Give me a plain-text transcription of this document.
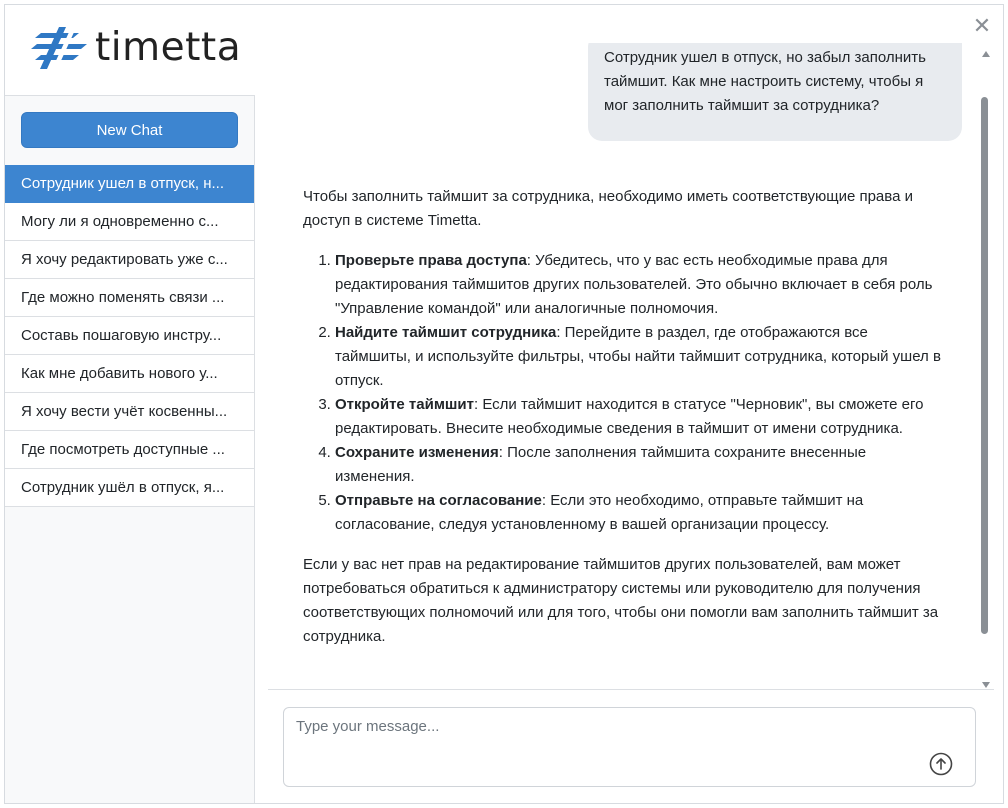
timetta
New Chat
Сотрудник ушел в отпуск, н...
Могу ли я одновременно с...
Я хочу редактировать уже с...
Где можно поменять связи ...
Составь пошаговую инстру...
Как мне добавить нового у...
Я хочу вести учёт косвенны...
Где посмотреть доступные ...
Сотрудник ушёл в отпуск, я...
✕
Сотрудник ушел в отпуск, но забыл заполнить таймшит. Как мне настроить систему, чтобы я мог заполнить таймшит за сотрудника?

Чтобы заполнить таймшит за сотрудника, необходимо иметь соответствующие права и доступ в системе Timetta.

1. Проверьте права доступа: Убедитесь, что у вас есть необходимые права для редактирования таймшитов других пользователей. Это обычно включает в себя роль "Управление командой" или аналогичные полномочия.
2. Найдите таймшит сотрудника: Перейдите в раздел, где отображаются все таймшиты, и используйте фильтры, чтобы найти таймшит сотрудника, который ушел в отпуск.
3. Откройте таймшит: Если таймшит находится в статусе "Черновик", вы сможете его редактировать. Внесите необходимые сведения в таймшит от имени сотрудника.
4. Сохраните изменения: После заполнения таймшита сохраните внесенные изменения.
5. Отправьте на согласование: Если это необходимо, отправьте таймшит на согласование, следуя установленному в вашей организации процессу.

Если у вас нет прав на редактирование таймшитов других пользователей, вам может потребоваться обратиться к администратору системы или руководителю для получения соответствующих полномочий или для того, чтобы они помогли вам заполнить таймшит за сотрудника.

Type your message...
